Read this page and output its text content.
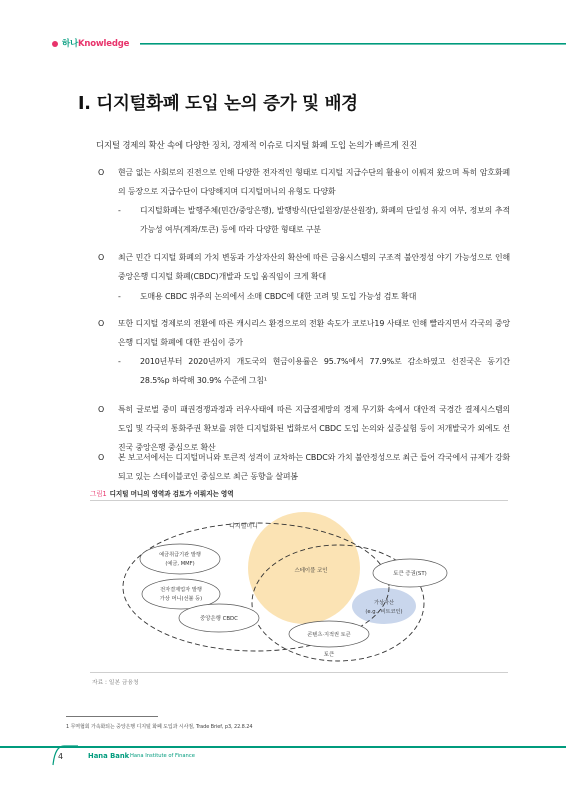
하나Knowledge
I. 디지털화폐 도입 논의 증가 및 배경
디지털 경제의 확산 속에 다양한 징치, 경제적 이슈로 디지털 화폐 도입 논의가 빠르게 진진
O 현금 없는 사회로의 진전으로 인해 다양한 전자적인 형태로 디지털 지급수단의 활용이 이뤄져 왔으며 특히 암호화폐의 등장으로 지급수단이 다양해지며 디지털머니의 유형도 다양화
- 디지털화폐는 발행주체(민간/중앙은행), 발행방식(단일원장/분산원장), 화폐의 단일성 유지 여부, 정보의 추적가능성 여부(계좌/토큰) 등에 따라 다양한 형태로 구분
O 최근 민간 디지털 화폐의 가치 변동과 가상자산의 확산에 따른 금융시스템의 구조적 불안정성 야기 가능성으로 인해 중앙은행 디지털 화폐(CBDC)개발과 도입 움직임이 크게 확대
- 도매용 CBDC 위주의 논의에서 소매 CBDC에 대한 고려 및 도입 가능성 검토 확대
O 또한 디지털 경제로의 전환에 따른 캐시리스 환경으로의 전환 속도가 코로나19 사태로 인해 빨라지면서 각국의 중앙은행 디지털 화폐에 대한 관심이 증가
- 2010년부터 2020년까지 개도국의 현금이용률은 95.7%에서 77.9%로 감소하였고 선진국은 동기간 28.5%p 하락해 30.9% 수준에 그침¹
O 특히 글로벌 중미 패권경쟁과정과 러우사태에 따른 지급결제망의 경제 무기화 속에서 대안적 국경간 결제시스템의 도입 및 각국의 통화주권 확보를 위한 디지털화된 법화로서 CBDC 도입 논의와 실증실험 등이 저개발국가 외에도 선진국 중앙은행 중심으로 확산
O 본 보고서에서는 디지털머니와 토큰적 성격이 교차하는 CBDC와 가치 불안정성으로 최근 들어 각국에서 규제가 강화되고 있는 스테이블코인 중심으로 최근 동향을 살펴봄
그림1 디지털 머니의 영역과 검토가 이뤄지는 영역
디지털머니
예금취급기관 발행
(예금, MMF)
전자결제업자 발행
가상 머니(선불 등)
중앙은행 CBDC
스테이블 코인	토큰 증권(ST)
가상자산
(e.g., 비트코인)
콘텐츠·지적권 토큰
토큰
자료 : 일본 금융청
1 무역협회 가속화되는 중앙은행 디지털 화폐 도입과 시사점, Trade Brief, p3, 22.8.24
4	Hana Bank Hana Institute of Finance
